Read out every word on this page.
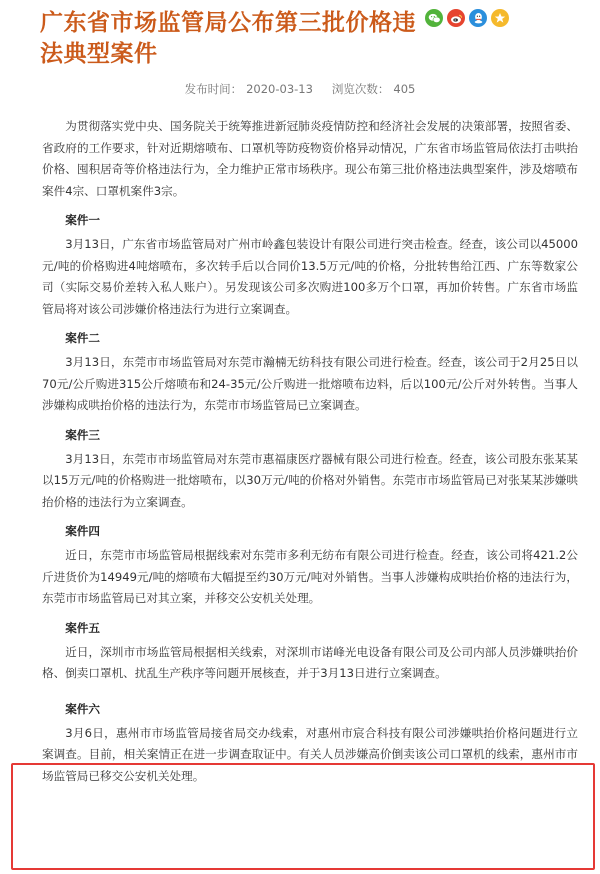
广东省市场监管局公布第三批价格违法典型案件
发布时间： 2020-03-13 浏览次数： 405

为贯彻落实党中央、国务院关于统筹推进新冠肺炎疫情防控和经济社会发展的决策部署，按照省委、省政府的工作要求，针对近期熔喷布、口罩机等防疫物资价格异动情况，广东省市场监管局依法打击哄抬价格、囤积居奇等价格违法行为，全力维护正常市场秩序。现公布第三批价格违法典型案件，涉及熔喷布案件4宗、口罩机案件3宗。

案件一

3月13日，广东省市场监管局对广州市岭鑫包装设计有限公司进行突击检查。经查，该公司以45000元/吨的价格购进4吨熔喷布，多次转手后以合同价13.5万元/吨的价格，分批转售给江西、广东等数家公司（实际交易价差转入私人账户）。另发现该公司多次购进100多万个口罩，再加价转售。广东省市场监管局将对该公司涉嫌价格违法行为进行立案调查。

案件二

3月13日，东莞市市场监管局对东莞市瀚楠无纺科技有限公司进行检查。经查，该公司于2月25日以70元/公斤购进315公斤熔喷布和24-35元/公斤购进一批熔喷布边料，后以100元/公斤对外转售。当事人涉嫌构成哄抬价格的违法行为，东莞市市场监管局已立案调查。

案件三

3月13日，东莞市市场监管局对东莞市惠福康医疗器械有限公司进行检查。经查，该公司股东张某某以15万元/吨的价格购进一批熔喷布，以30万元/吨的价格对外销售。东莞市市场监管局已对张某某涉嫌哄抬价格的违法行为立案调查。

案件四

近日，东莞市市场监管局根据线索对东莞市多利无纺布有限公司进行检查。经查，该公司将421.2公斤进货价为14949元/吨的熔喷布大幅提至约30万元/吨对外销售。当事人涉嫌构成哄抬价格的违法行为，东莞市市场监管局已对其立案，并移交公安机关处理。

案件五

近日，深圳市市场监管局根据相关线索，对深圳市诺峰光电设备有限公司及公司内部人员涉嫌哄抬价格、倒卖口罩机、扰乱生产秩序等问题开展核查，并于3月13日进行立案调查。

案件六

3月6日，惠州市市场监管局接省局交办线索，对惠州市宸合科技有限公司涉嫌哄抬价格问题进行立案调查。目前，相关案情正在进一步调查取证中。有关人员涉嫌高价倒卖该公司口罩机的线索，惠州市市场监管局已移交公安机关处理。
